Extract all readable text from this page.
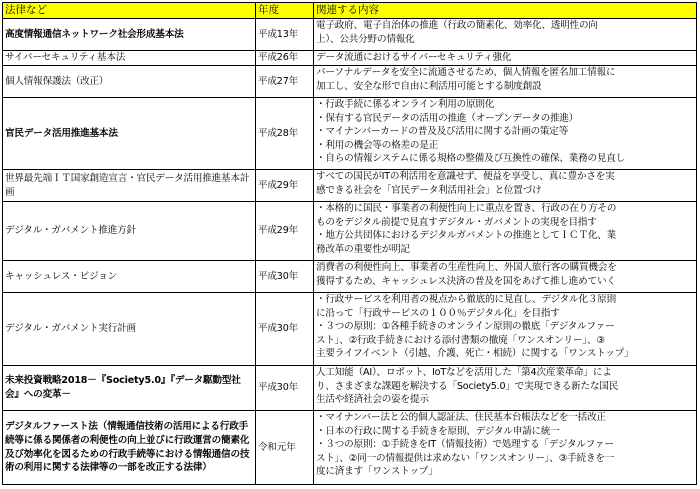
法律など	年度	関連する内容
高度情報通信ネットワーク社会形成基本法	平成13年	電子政府、電子自治体の推進（行政の簡素化、効率化、透明性の向
上）、公共分野の情報化

サイバーセキュリティ基本法	平成26年	データ流通におけるサイバーセキュリティ強化

個人情報保護法（改正）	平成27年	パーソナルデータを安全に流通させるため、個人情報を匿名加工情報に
加工し、安全な形で自由に利活用可能とする制度創設

官民データ活用推進基本法	平成28年	・行政手続に係るオンライン利用の原則化
・保有する官民データの活用の推進（オープンデータの推進）
・マイナンバーカードの普及及び活用に関する計画の策定等
・利用の機会等の格差の是正
・自らの情報システムに係る規格の整備及び互換性の確保、業務の見直し

世界最先端ＩＴ国家創造宣言・官民データ活用推進基本計画	平成29年	すべての国民がITの利活用を意識せず、便益を享受し、真に豊かさを実
感できる社会を「官民データ利活用社会」と位置づけ

デジタル・ガバメント推進方針	平成29年	・本格的に国民・事業者の利便性向上に重点を置き、行政の在り方その
ものをデジタル前提で見直すデジタル・ガバメントの実現を目指す
・地方公共団体におけるデジタルガバメントの推進としてＩＣＴ化、業
務改革の重要性が明記

キャッシュレス・ビジョン	平成30年	消費者の利便性向上、事業者の生産性向上、外国人旅行客の購買機会を
獲得するため、キャッシュレス決済の普及を国をあげて推し進めていく

デジタル・ガバメント実行計画	平成30年	・行政サービスを利用者の視点から徹底的に見直し、デジタル化３原則
に沿って「行政サービスの１００％デジタル化」を目指す
・３つの原則：①各種手続きのオンライン原則の徹底「デジタルファー
スト」、②行政手続きにおける添付書類の撤廃「ワンスオンリー」、③
主要ライフイベント（引越、介護、死亡・相続）に関する「ワンストップ」

未来投資戦略2018－『Society5.0』『データ駆動型社会』への変革－	平成30年	人工知能（AI）、ロボット、IoTなどを活用した「第4次産業革命」によ
り、さまざまな課題を解決する「Society5.0」で実現できる新たな国民
生活や経済社会の姿を提示

デジタルファースト法（情報通信技術の活用による行政手続等に係る関係者の利便性の向上並びに行政運営の簡素化及び効率化を図るための行政手続等における情報通信の技術の利用に関する法律等の一部を改正する法律）	令和元年	・マイナンバー法と公的個人認証法、住民基本台帳法などを一括改正
・日本の行政に関する手続きを原則、デジタル申請に統一
・３つの原則：①手続きをIT（情報技術）で処理する「デジタルファー
スト」、②同一の情報提供は求めない「ワンスオンリー」、③手続きを一
度に済ます「ワンストップ」
